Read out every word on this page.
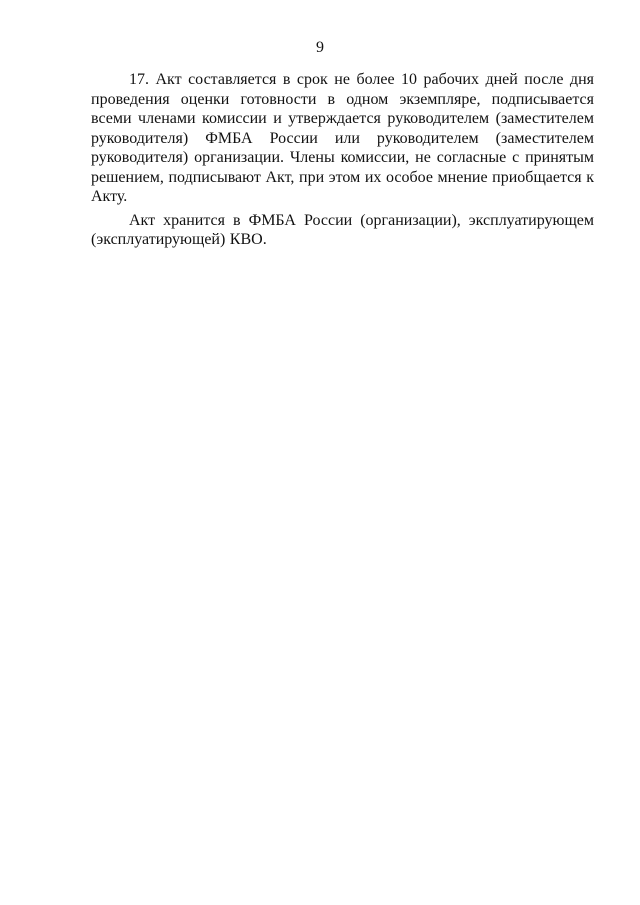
9

17. Акт составляется в срок не более 10 рабочих дней после дня проведения оценки готовности в одном экземпляре, подписывается всеми членами комиссии и утверждается руководителем (заместителем руководителя) ФМБА России или руководителем (заместителем руководителя) организации. Члены комиссии, не согласные с принятым решением, подписывают Акт, при этом их особое мнение приобщается к Акту.

Акт хранится в ФМБА России (организации), эксплуатирующем (эксплуатирующей) КВО.
